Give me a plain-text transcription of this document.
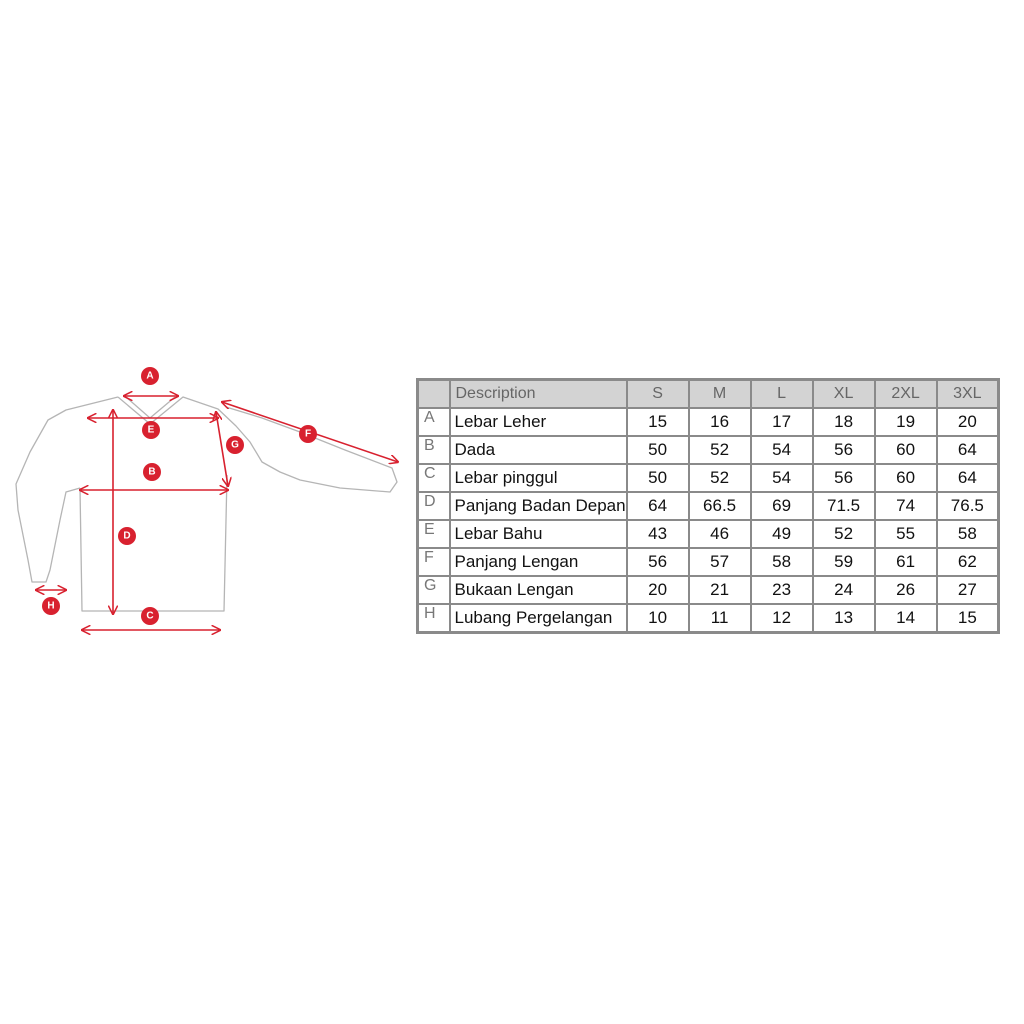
A
E
G
F
B
D
H
C
	Description	S	M	L	XL	2XL	3XL
A	Lebar Leher	15	16	17	18	19	20
B	Dada	50	52	54	56	60	64
C	Lebar pinggul	50	52	54	56	60	64
D	Panjang Badan Depan	64	66.5	69	71.5	74	76.5
E	Lebar Bahu	43	46	49	52	55	58
F	Panjang Lengan	56	57	58	59	61	62
G	Bukaan Lengan	20	21	23	24	26	27
H	Lubang Pergelangan	10	11	12	13	14	15
